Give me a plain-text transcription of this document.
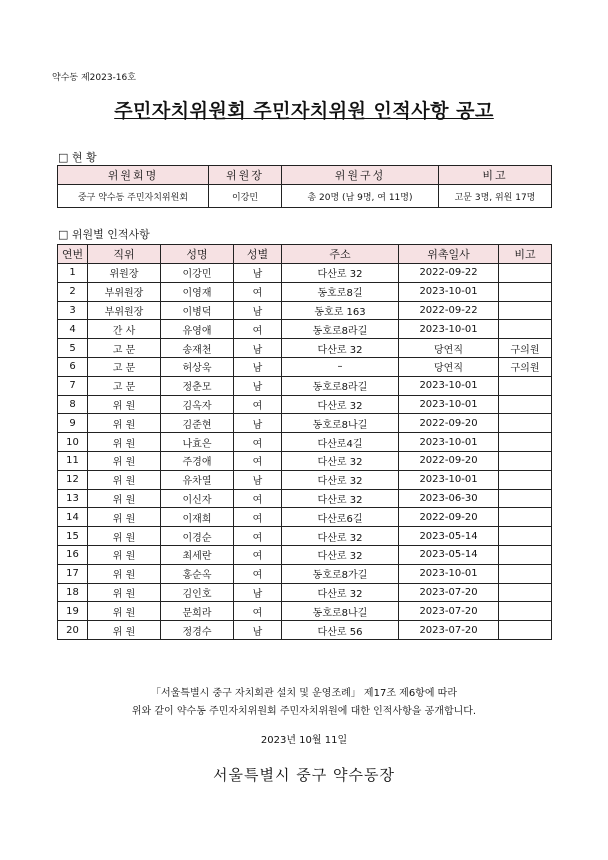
약수동 제2023-16호
주민자치위원회 주민자치위원 인적사항 공고
□ 현 황
위원회명	위원장	위원구성	비고
중구 약수동 주민자치위원회	이강민	총 20명 (남 9명, 여 11명)	고문 3명, 위원 17명
□ 위원별 인적사항
연번	직위	성명	성별	주소	위촉일사	비고
1	위원장	이강민	남	다산로 32	2022-09-22	
2	부위원장	이영재	여	동호로8길	2023-10-01	
3	부위원장	이병덕	남	동호로 163	2022-09-22	
4	간 사	유영애	여	동호로8라길	2023-10-01	
5	고 문	송재천	남	다산로 32	당연직	구의원
6	고 문	허상욱	남	–	당연직	구의원
7	고 문	정춘모	남	동호로8라길	2023-10-01	
8	위 원	김옥자	여	다산로 32	2023-10-01	
9	위 원	김준현	남	동호로8나길	2022-09-20	
10	위 원	나효은	여	다산로4길	2023-10-01	
11	위 원	주경애	여	다산로 32	2022-09-20	
12	위 원	유차열	남	다산로 32	2023-10-01	
13	위 원	이신자	여	다산로 32	2023-06-30	
14	위 원	이재희	여	다산로6길	2022-09-20	
15	위 원	이경순	여	다산로 32	2023-05-14	
16	위 원	최세란	여	다산로 32	2023-05-14	
17	위 원	홍순옥	여	동호로8가길	2023-10-01	
18	위 원	김인호	남	다산로 32	2023-07-20	
19	위 원	문희라	여	동호로8나길	2023-07-20	
20	위 원	정경수	남	다산로 56	2023-07-20	
「서울특별시 중구 자치회관 설치 및 운영조례」 제17조 제6항에 따라
위와 같이 약수동 주민자치위원회 주민자치위원에 대한 인적사항을 공개합니다.
2023년 10월 11일
서울특별시 중구 약수동장
